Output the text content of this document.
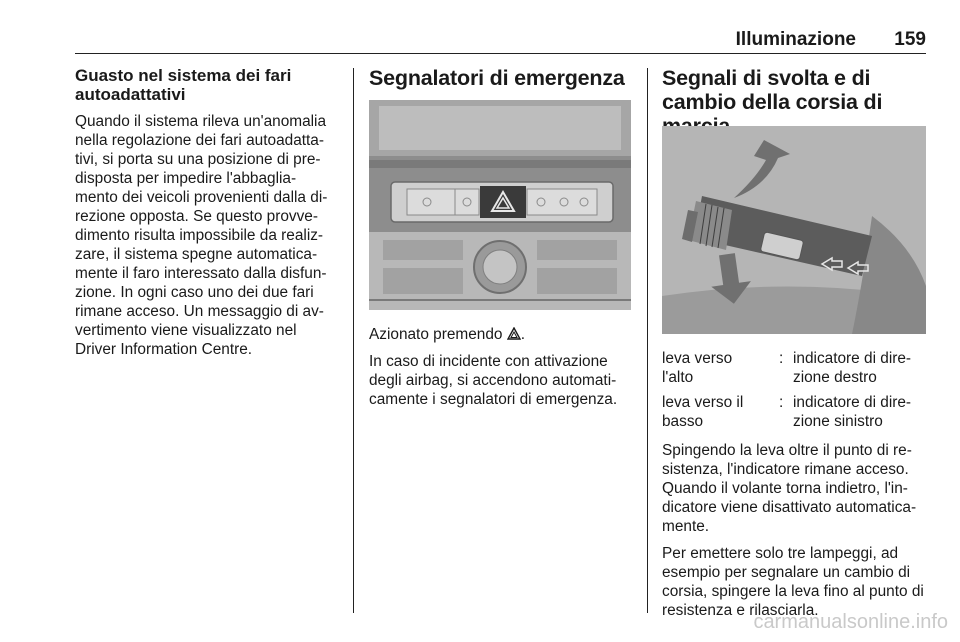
Illuminazione 159
Guasto nel sistema dei fari autoadattativi

Quando il sistema rileva un'anomalia nella regolazione dei fari autoadatta-tivi, si porta su una posizione di pre-disposta per impedire l'abbaglia-mento dei veicoli provenienti dalla di-rezione opposta. Se questo provve-dimento risulta impossibile da realiz-zare, il sistema spegne automatica-mente il faro interessato dalla disfun-zione. In ogni caso uno dei due fari rimane acceso. Un messaggio di av-vertimento viene visualizzato nel Driver Information Centre.

Segnalatori di emergenza

Azionato premendo .

In caso di incidente con attivazione degli airbag, si accendono automati-camente i segnalatori di emergenza.

Segnali di svolta e di cambio della corsia di
leva verso l'alto
: indicatore di dire-zione destro
leva verso il basso
: indicatore di dire-zione sinistro

Spingendo la leva oltre il punto di re-sistenza, l'indicatore rimane acceso. Quando il volante torna indietro, l'in-dicatore viene disattivato automatica-mente.

Per emettere solo tre lampeggi, ad esempio per segnalare un cambio di corsia, spingere la leva fino al punto di resistenza e rilasciarla.

carmanualsonline.info
